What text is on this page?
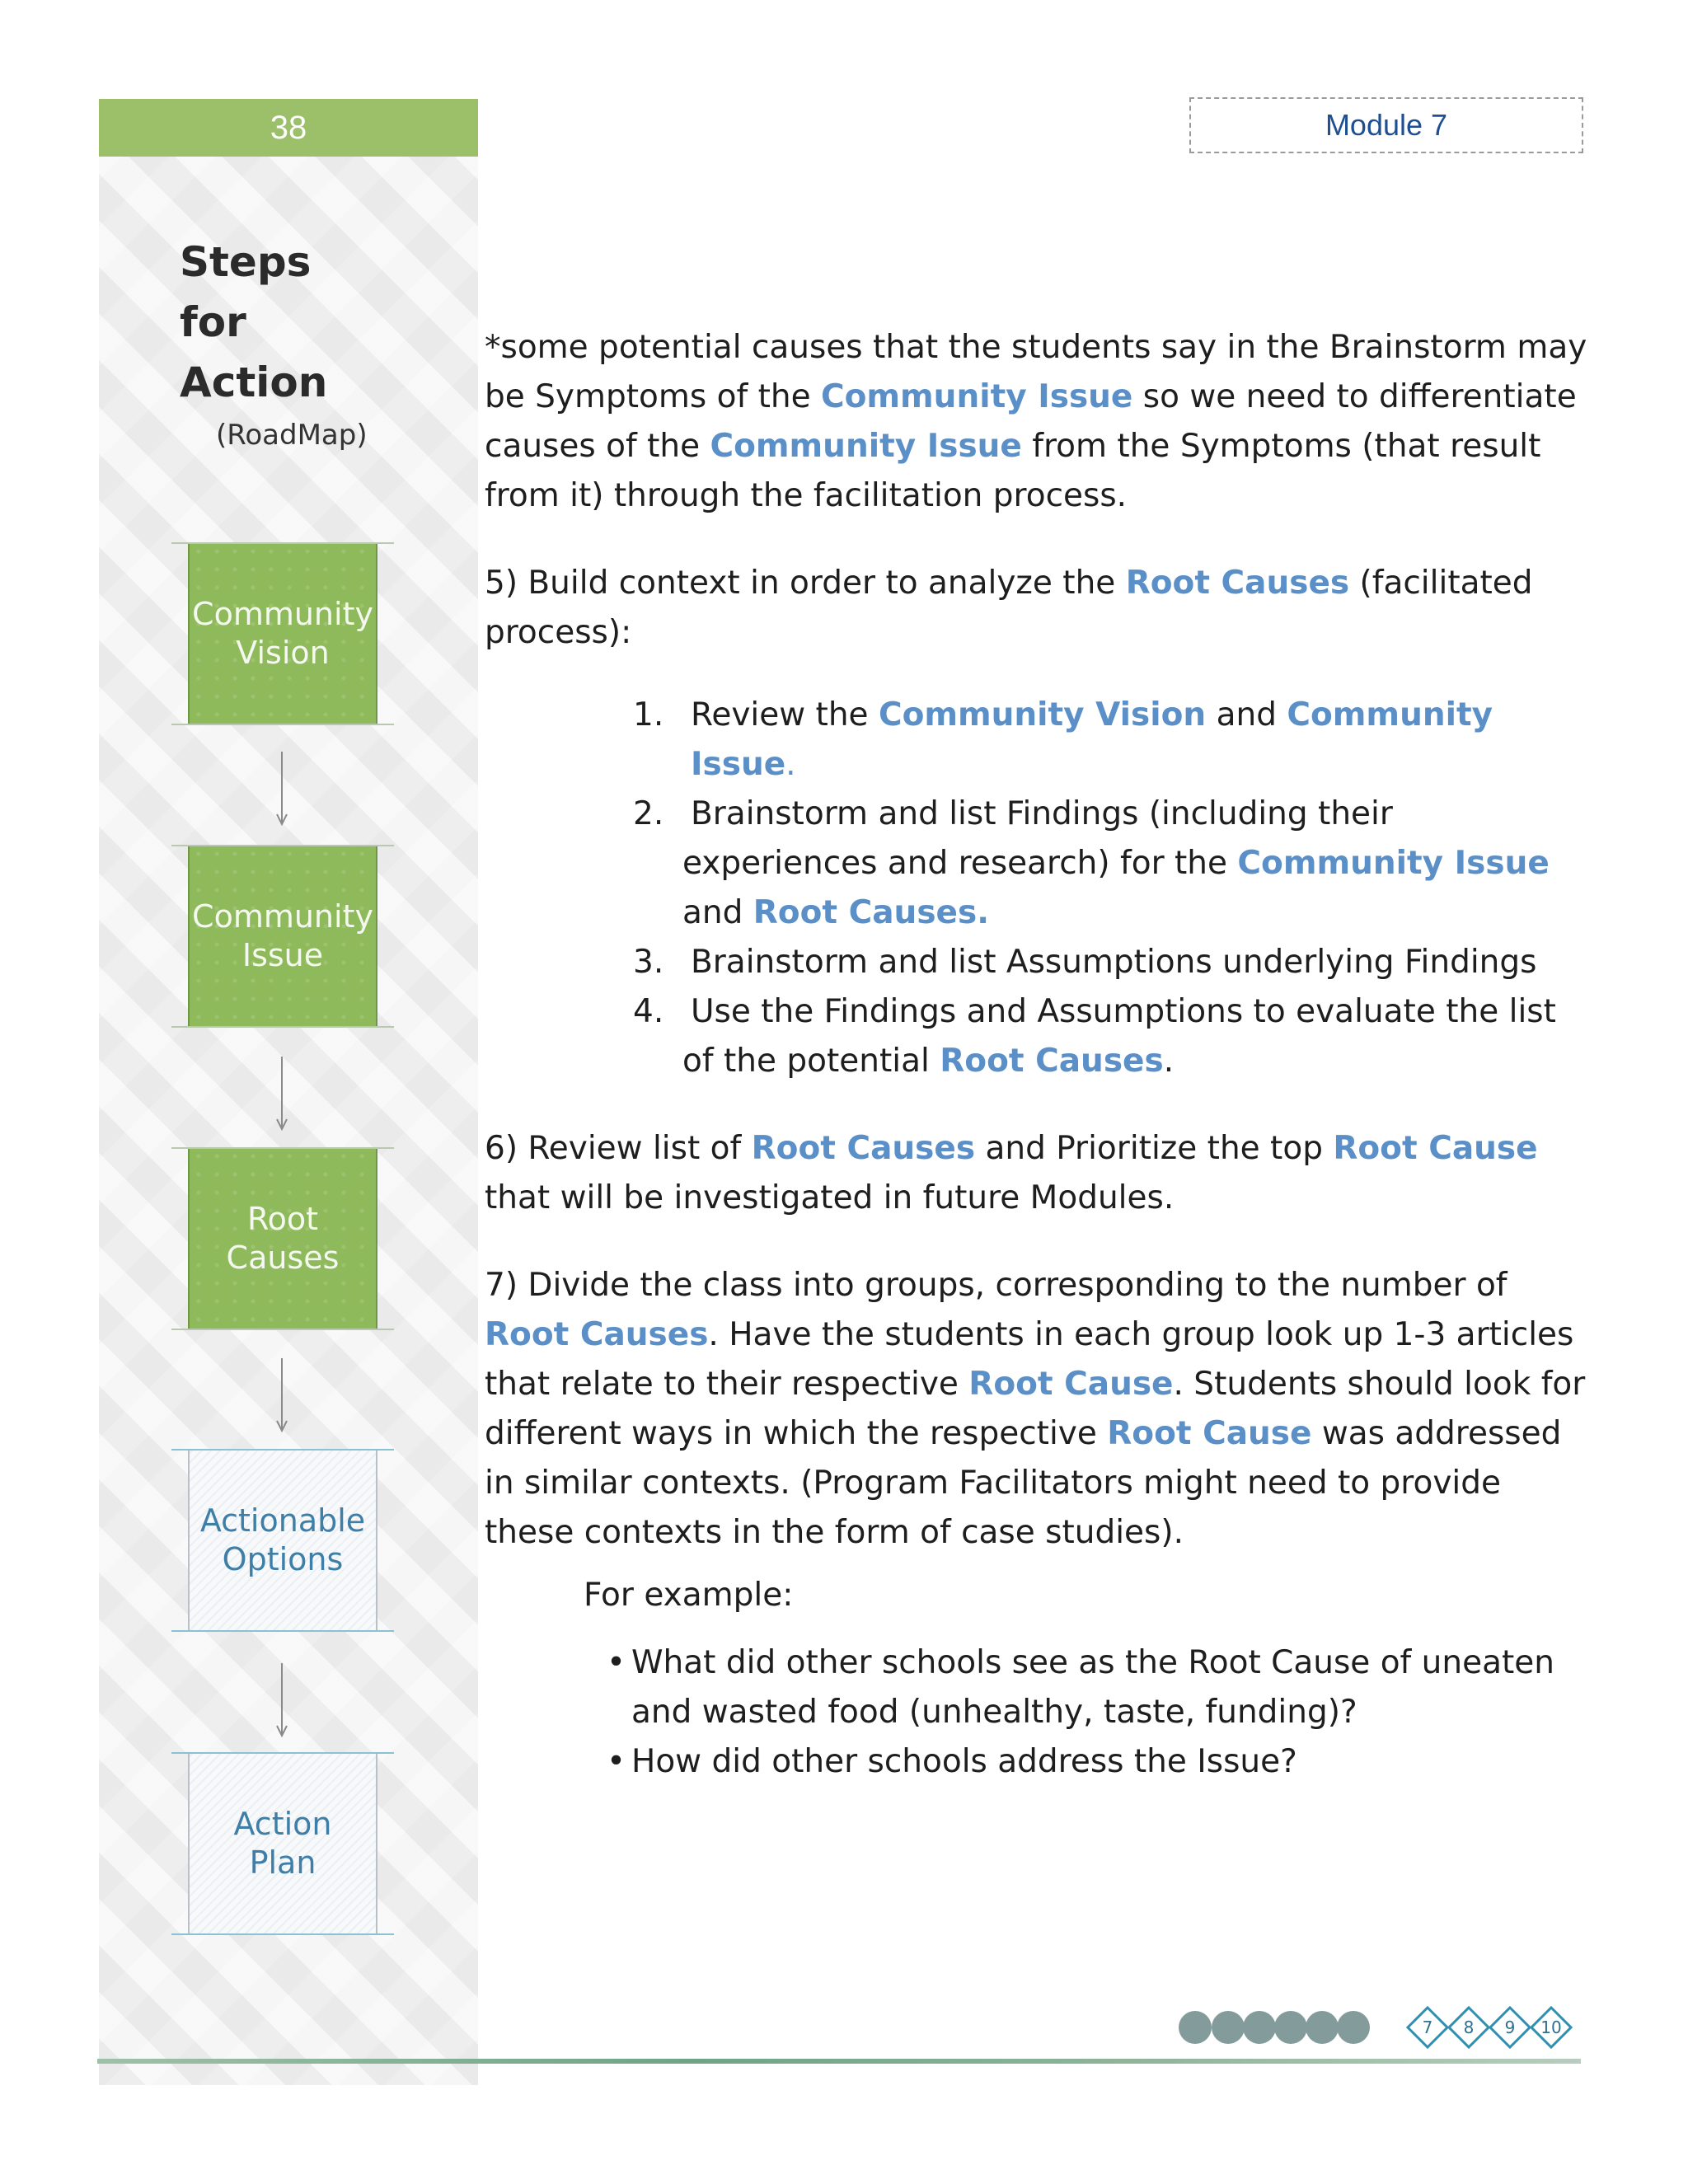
38	Module 7
Steps
for
Action
(RoadMap)
Community
Vision
Community
Issue
Root
Causes
Actionable
Options
Action
Plan

*some potential causes that the students say in the Brainstorm may be Symptoms of the Community Issue so we need to differentiate causes of the Community Issue from the Symptoms (that result from it) through the facilitation process.

5) Build context in order to analyze the Root Causes (facilitated process):

1. Review the Community Vision and Community Issue.
2. Brainstorm and list Findings (including their
experiences and research) for the Community Issue
and Root Causes.
3. Brainstorm and list Assumptions underlying Findings
4. Use the Findings and Assumptions to evaluate the list
of the potential Root Causes.

6) Review list of Root Causes and Prioritize the top Root Cause that will be investigated in future Modules.

7) Divide the class into groups, corresponding to the number of Root Causes. Have the students in each group look up 1-3 articles that relate to their respective Root Cause. Students should look for different ways in which the respective Root Cause was addressed in similar contexts. (Program Facilitators might need to provide these contexts in the form of case studies).

For example:

• What did other schools see as the Root Cause of uneaten and wasted food (unhealthy, taste, funding)?
• How did other schools address the Issue?
7 8 9 10
